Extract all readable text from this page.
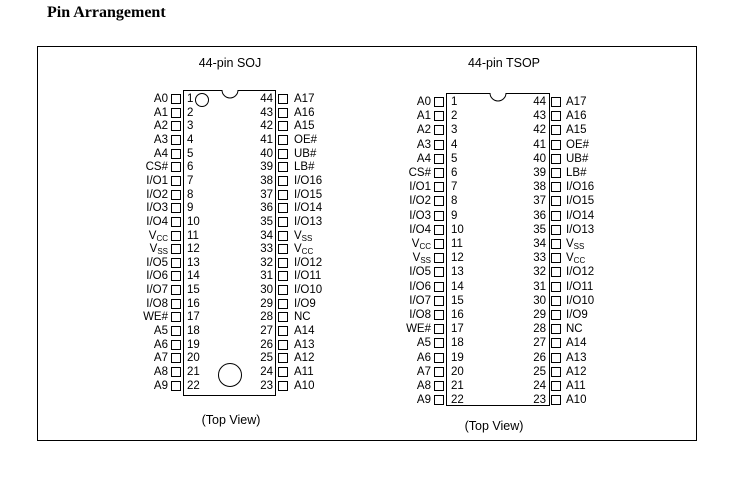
Pin Arrangement
44-pin SOJ
A0 1
A1 2
A2 3
A3 4
A4 5
CS# 6
I/O1 7
I/O2 8
I/O3 9
I/O4 10
$V_{CC}$ 11
$V_{SS}$ 12
I/O5 13
I/O6 14
I/O7 15
I/O8 16
WE# 17
A5 18
A6 19
A7 20
A8 21
A9 22
44 A17
43 A16
42 A15
41 OE#
40 UB#
39 LB#
38 I/O16
37 I/O15
36 I/O14
35 I/O13
34 $V_{SS}$
33 $V_{CC}$
32 I/O12
31 I/O11
30 I/O10
29 I/O9
28 NC
27 A14
26 A13
25 A12
24 A11
23 A10
(Top View)
44-pin TSOP
A0 1
A1 2
A2 3
A3 4
A4 5
CS# 6
I/O1 7
I/O2 8
I/O3 9
I/O4 10
$V_{CC}$ 11
$V_{SS}$ 12
I/O5 13
I/O6 14
I/O7 15
I/O8 16
WE# 17
A5 18
A6 19
A7 20
A8 21
A9 22
44 A17
43 A16
42 A15
41 OE#
40 UB#
39 LB#
38 I/O16
37 I/O15
36 I/O14
35 I/O13
34 $V_{SS}$
33 $V_{CC}$
32 I/O12
31 I/O11
30 I/O10
29 I/O9
28 NC
27 A14
26 A13
25 A12
24 A11
23 A10
(Top View)
